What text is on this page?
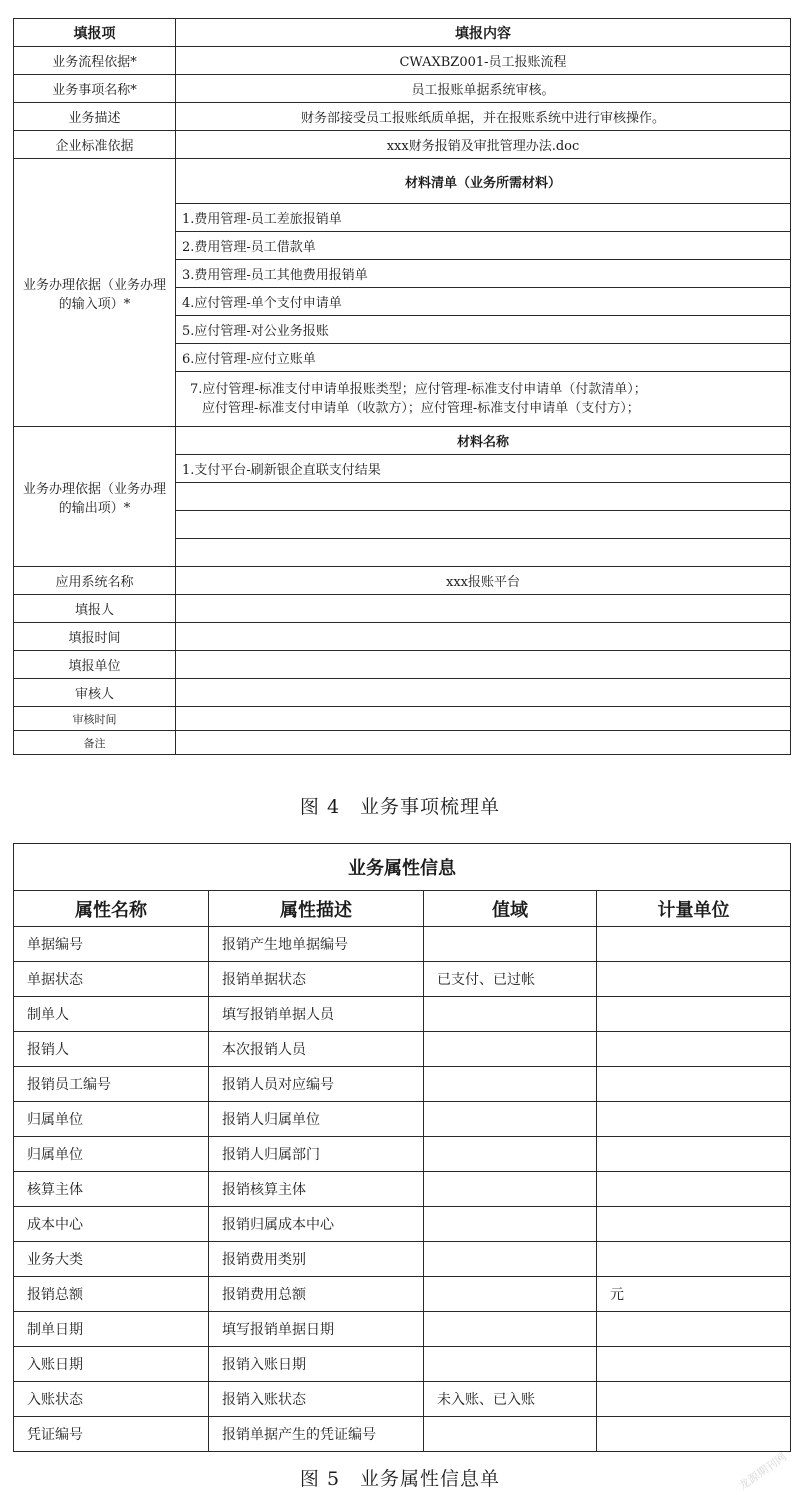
填报项	填报内容
业务流程依据*	CWAXBZ001-员工报账流程
业务事项名称*	员工报账单据系统审核。
业务描述	财务部接受员工报账纸质单据，并在报账系统中进行审核操作。
企业标准依据	xxx财务报销及审批管理办法.doc
业务办理依据（业务办理的输入项）*	材料清单（业务所需材料）
	1.费用管理-员工差旅报销单
	2.费用管理-员工借款单
	3.费用管理-员工其他费用报销单
	4.应付管理-单个支付申请单
	5.应付管理-对公业务报账
	6.应付管理-应付立账单

	7.应付管理-标准支付申请单报账类型；应付管理-标准支付申请单（付款清单）；
应付管理-标准支付申请单（收款方）；应付管理-标准支付申请单（支付方）；

业务办理依据（业务办理的输出项）*	材料名称
	1.支付平台-刷新银企直联支付结果

应用系统名称	xxx报账平台
填报人	
填报时间	
填报单位	
审核人	
审核时间	
备注	
图 4　业务事项梳理单
业务属性信息			
属性名称	属性描述	值域	计量单位
单据编号	报销产生地单据编号		
单据状态	报销单据状态	已支付、已过帐	
制单人	填写报销单据人员		
报销人	本次报销人员		
报销员工编号	报销人员对应编号		
归属单位	报销人归属单位		
归属单位	报销人归属部门		
核算主体	报销核算主体		
成本中心	报销归属成本中心		
业务大类	报销费用类别		
报销总额	报销费用总额		元
制单日期	填写报销单据日期		
入账日期	报销入账日期		
入账状态	报销入账状态	未入账、已入账	
凭证编号	报销单据产生的凭证编号		
图 5　业务属性信息单	龙源期刊网
